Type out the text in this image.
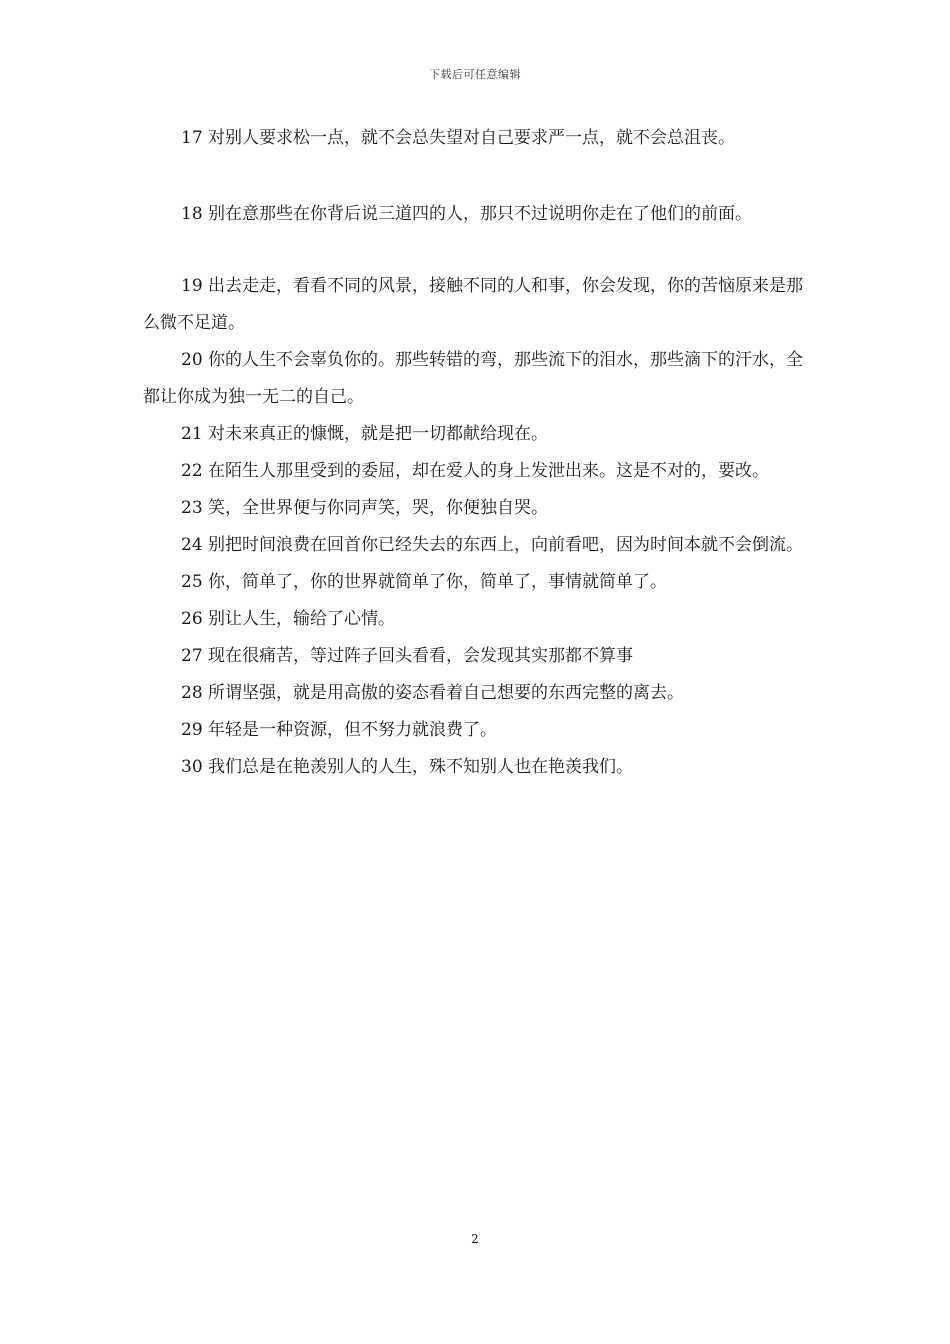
下载后可任意编辑
17 对别人要求松一点，就不会总失望对自己要求严一点，就不会总沮丧。
18 别在意那些在你背后说三道四的人，那只不过说明你走在了他们的前面。

19 出去走走，看看不同的风景，接触不同的人和事，你会发现，你的苦恼原来是那么微不足道。

20 你的人生不会辜负你的。那些转错的弯，那些流下的泪水，那些滴下的汗水，全都让你成为独一无二的自己。

21 对未来真正的慷慨，就是把一切都献给现在。

22 在陌生人那里受到的委屈，却在爱人的身上发泄出来。这是不对的，要改。

23 笑，全世界便与你同声笑，哭，你便独自哭。

24 别把时间浪费在回首你已经失去的东西上，向前看吧，因为时间本就不会倒流。

25 你，简单了，你的世界就简单了你，简单了，事情就简单了。

26 别让人生，输给了心情。

27 现在很痛苦，等过阵子回头看看，会发现其实那都不算事

28 所谓坚强，就是用高傲的姿态看着自己想要的东西完整的离去。

29 年轻是一种资源，但不努力就浪费了。

30 我们总是在艳羡别人的人生，殊不知别人也在艳羡我们。

2
